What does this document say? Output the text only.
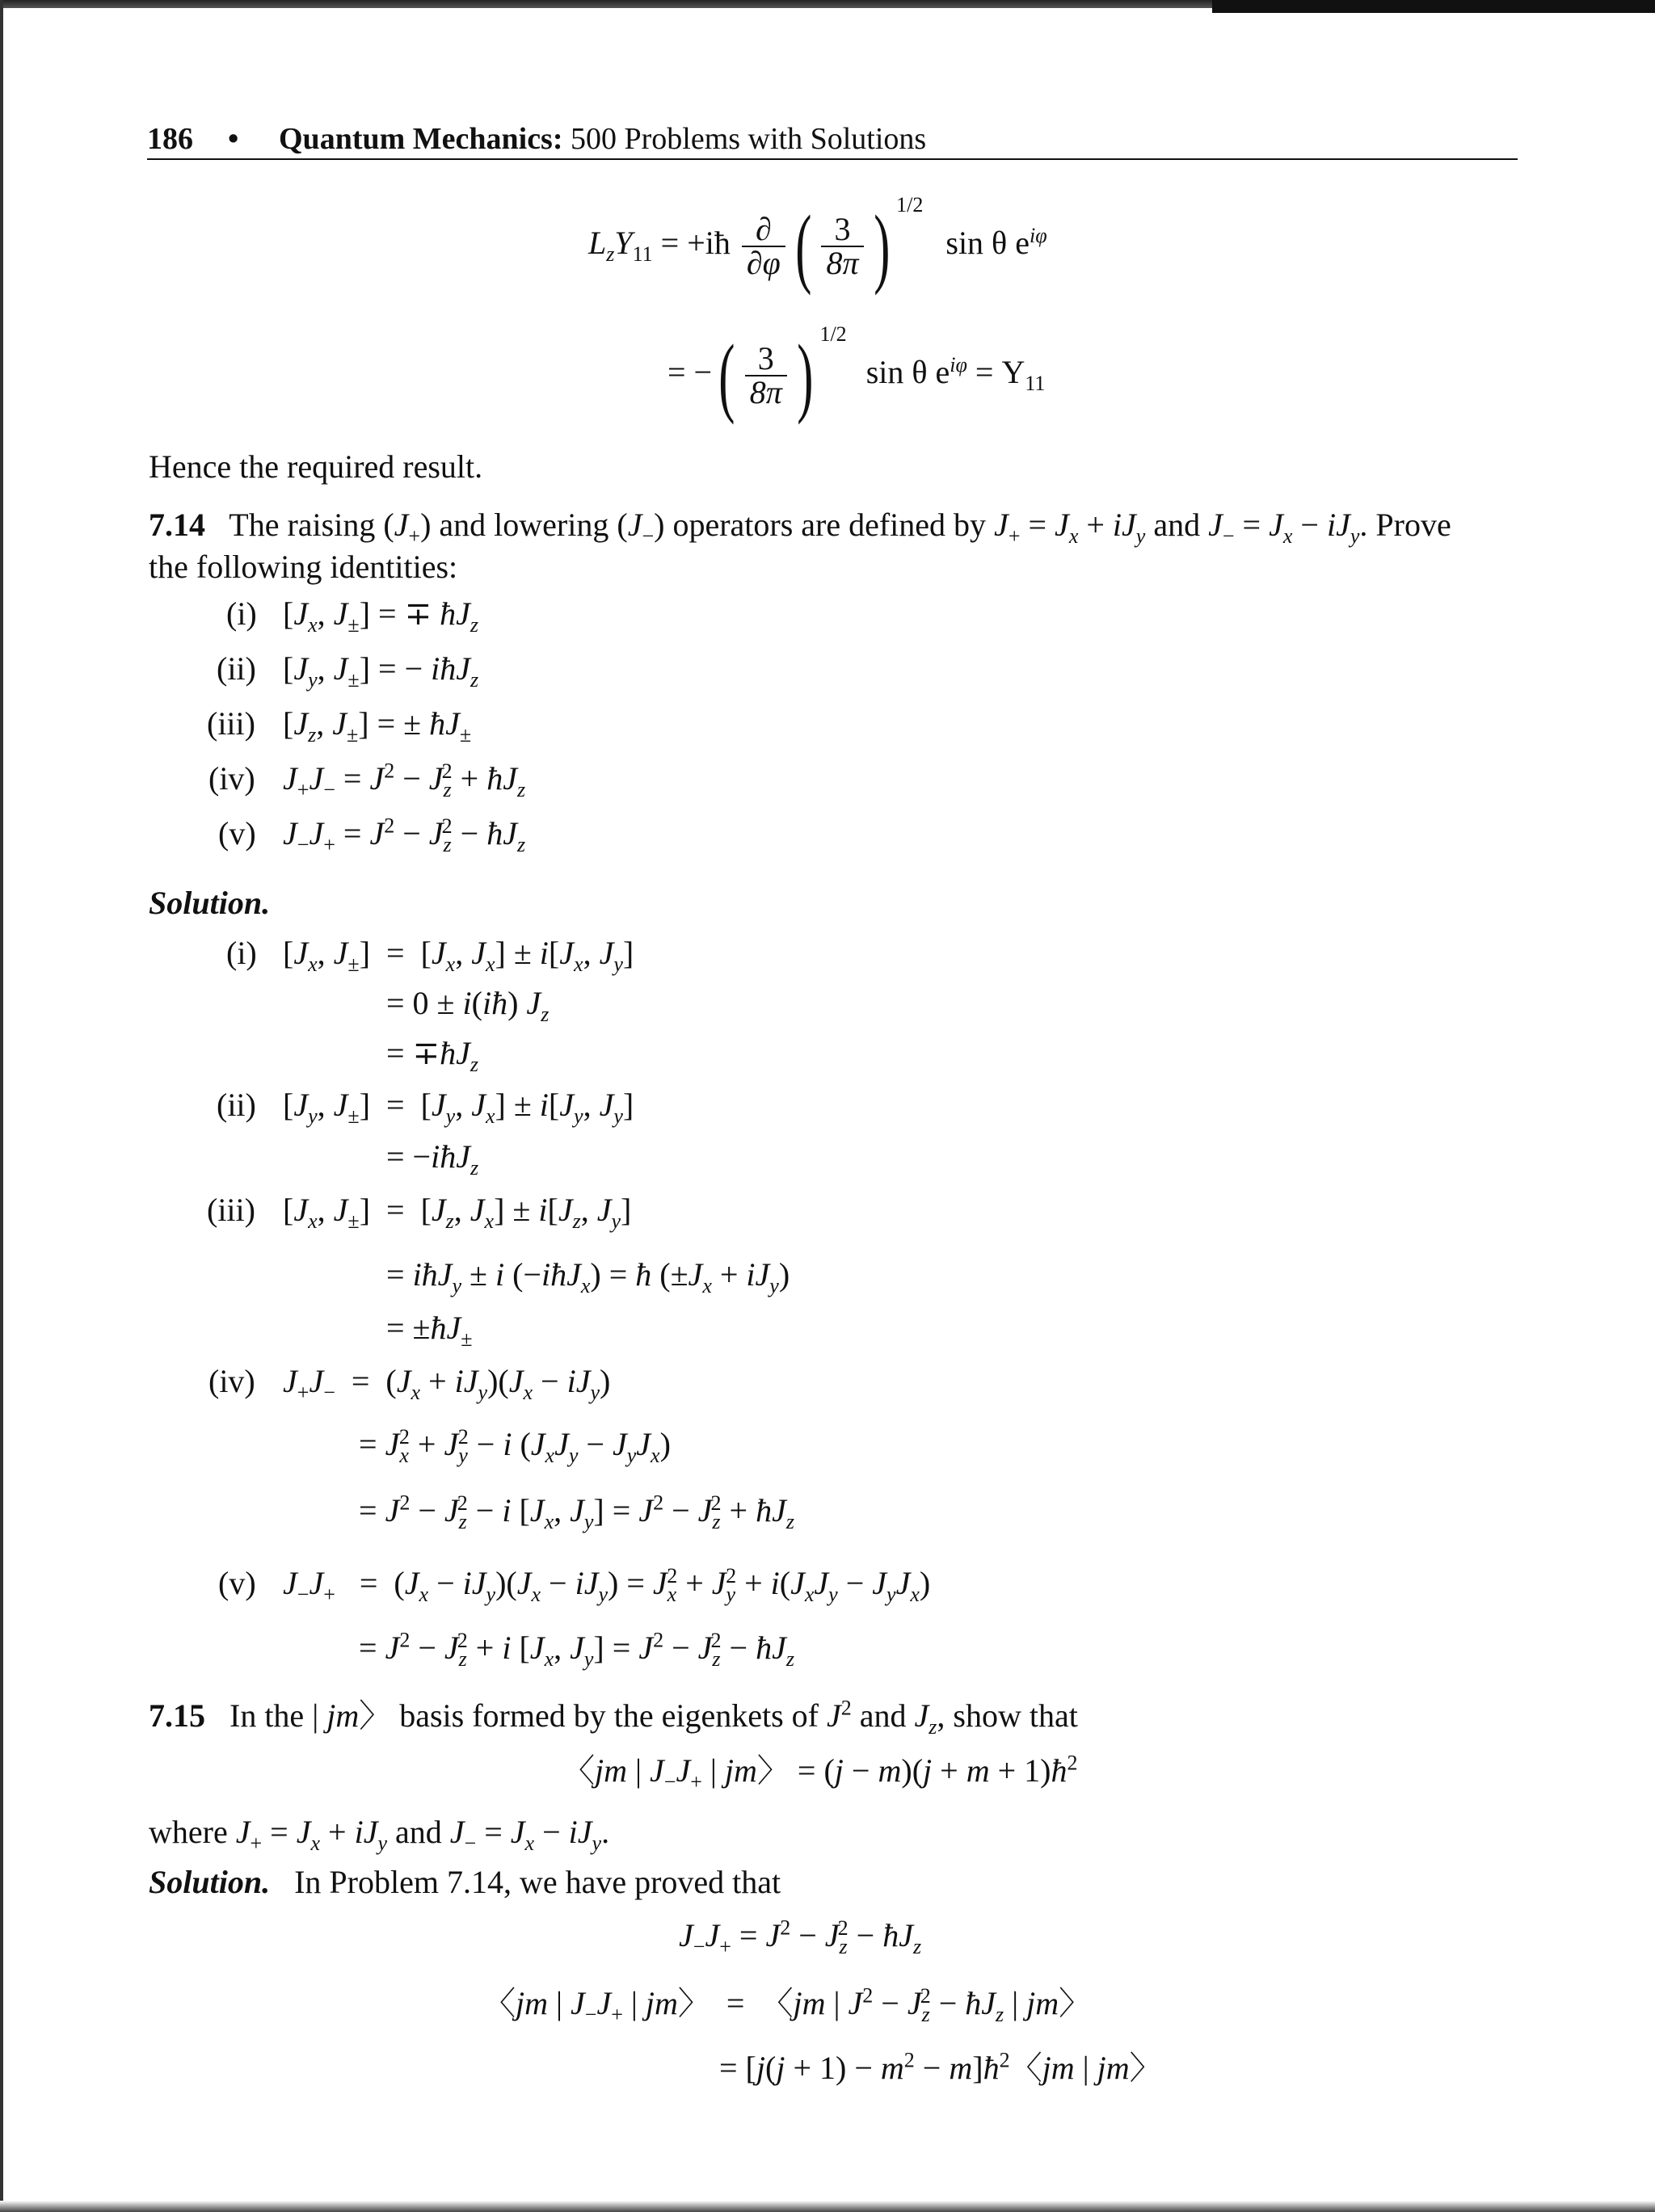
186 • Quantum Mechanics: 500 Problems with Solutions
$L_zY_{11}$ = +iħ $\frac{\partial}{\partial\varphi}$ ( $\frac{3}{8\pi}$ ) $^{1/2}$ sin θ $e^{i\varphi}$
= −( $\frac{3}{8\pi}$ ) $^{1/2}$ sin θ $e^{i\varphi} = Y_{11}$
Hence the required result.
7.14 The raising $(J_+)$ and lowering $(J_-)$ operators are defined by $J_+ = J_x + iJ_y$ and $J_- = J_x - iJ_y$. Prove
the following identities:
(i) [$J_x$, $J_\pm$] = ∓ $ħJ_z$
(ii) [$J_y$, $J_\pm$] = − iħJ$_z$
(iii) [$J_z$, $J_\pm$] = ± $ħJ_\pm$
(iv) $J_+J_- = J^2 - J_z^2$ + $ħJ_z$
(v) $J_-J_+ = J^2 - J_z^2$ − $ħJ_z$
Solution.
(i) [$J_x$, $J_\pm] = [J_x$, $J_x] \pm i[J_x$, $J_y$]
= 0 ± i(iħ) $J_z$
= $\mp ħJ_z$
(ii) [$J_y$, $J_\pm] = [J_y$, $J_x] \pm i[J_y$, $J_y$]
= −iħJ$_z$
(iii) [$J_x$, $J_\pm] = [J_z$, $J_x] \pm i[J_z$, $J_y$]
= iħJ$_y$ ± i (−iħJ$_x$) = ħ $(\pm J_x + iJ_y)$
= $\pm ħJ_\pm$
(iv) $J_+J_- = (J_x + iJ_y)(J_x - iJ_y)$
= $J_x^2 + J_y^2 - i$ $(J_xJ_y - J_yJ_x)$
= $J^2 - J_z^2 - i$ [$J_x$, $J_y] = J^2 - J_z^2$ + $ħJ_z$
(v) $J_-J_+ = (J_x - iJ_y)(J_x - iJ_y) = J_x^2 + J_y^2 + i(J_xJ_y - J_yJ_x)$
= $J^2 - J_z^2 + i$ [$J_x$, $J_y] = J^2 - J_z^2$ − $ħJ_z$
7.15   In the | jm〉 basis formed by the eigenkets of $J^2$ and $J_z$, show that
〈jm | $J_-J_+$ | jm〉 = $(j - m)(j + m + 1)ħ^2$
where $J_+ = J_x + iJ_y$ and $J_- = J_x - iJ_y$.
Solution. In Problem 7.14, we have proved that
$J_-J_+ = J^2 - J_z^2$ − $ħJ_z$
〈jm | $J_-J_+$ | jm〉  =  〈jm | $J^2 - J_z^2$ − $ħJ_z$ | jm〉
= [$j(j + 1) - m^2$ − $m]ħ^2$〈jm | jm〉
